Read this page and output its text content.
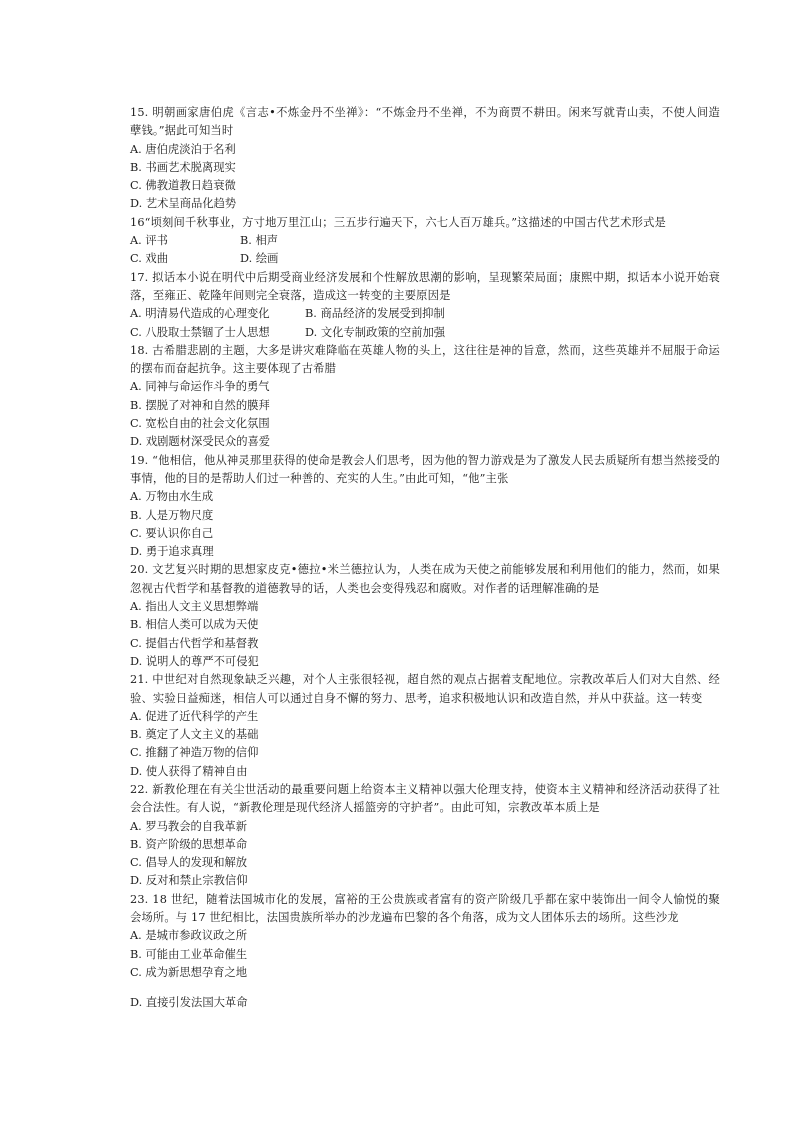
15. 明朝画家唐伯虎《言志•不炼金丹不坐禅》：“不炼金丹不坐禅，不为商贾不耕田。闲来写就青山卖，不使人间造孽钱。”据此可知当时

A. 唐伯虎淡泊于名利

B. 书画艺术脱离现实

C. 佛教道教日趋衰微

D. 艺术呈商品化趋势

16“顷刻间千秋事业，方寸地万里江山；三五步行遍天下，六七人百万雄兵。”这描述的中国古代艺术形式是

A. 评书	B. 相声

C. 戏曲	D. 绘画

17. 拟话本小说在明代中后期受商业经济发展和个性解放思潮的影响，呈现繁荣局面；康熙中期，拟话本小说开始衰落，至雍正、乾隆年间则完全衰落，造成这一转变的主要原因是

A. 明清易代造成的心理变化	B. 商品经济的发展受到抑制

C. 八股取士禁锢了士人思想	D. 文化专制政策的空前加强

18. 古希腊悲剧的主题，大多是讲灾难降临在英雄人物的头上，这往往是神的旨意，然而，这些英雄并不屈服于命运的摆布而奋起抗争。这主要体现了古希腊

A. 同神与命运作斗争的勇气

B. 摆脱了对神和自然的膜拜

C. 宽松自由的社会文化氛围

D. 戏剧题材深受民众的喜爱

19. “他相信，他从神灵那里获得的使命是教会人们思考，因为他的智力游戏是为了激发人民去质疑所有想当然接受的事情，他的目的是帮助人们过一种善的、充实的人生。”由此可知，“他”主张

A. 万物由水生成

B. 人是万物尺度

C. 要认识你自己

D. 勇于追求真理

20. 文艺复兴时期的思想家皮克•德拉•米兰德拉认为，人类在成为天使之前能够发展和利用他们的能力，然而，如果忽视古代哲学和基督教的道德教导的话，人类也会变得残忍和腐败。对作者的话理解准确的是

A. 指出人文主义思想弊端

B. 相信人类可以成为天使

C. 提倡古代哲学和基督教

D. 说明人的尊严不可侵犯

21. 中世纪对自然现象缺乏兴趣，对个人主张很轻视，超自然的观点占据着支配地位。宗教改革后人们对大自然、经验、实验日益痴迷，相信人可以通过自身不懈的努力、思考，追求积极地认识和改造自然，并从中获益。这一转变

A. 促进了近代科学的产生

B. 奠定了人文主义的基础

C. 推翻了神造万物的信仰

D. 使人获得了精神自由

22. 新教伦理在有关尘世活动的最重要问题上给资本主义精神以强大伦理支持，使资本主义精神和经济活动获得了社会合法性。有人说，“新教伦理是现代经济人摇篮旁的守护者”。由此可知，宗教改革本质上是

A. 罗马教会的自我革新

B. 资产阶级的思想革命

C. 倡导人的发现和解放

D. 反对和禁止宗教信仰

23. 18 世纪，随着法国城市化的发展，富裕的王公贵族或者富有的资产阶级几乎都在家中装饰出一间令人愉悦的聚会场所。与 17 世纪相比，法国贵族所举办的沙龙遍布巴黎的各个角落，成为文人团体乐去的场所。这些沙龙

A. 是城市参政议政之所

B. 可能由工业革命催生

C. 成为新思想孕育之地

D. 直接引发法国大革命
